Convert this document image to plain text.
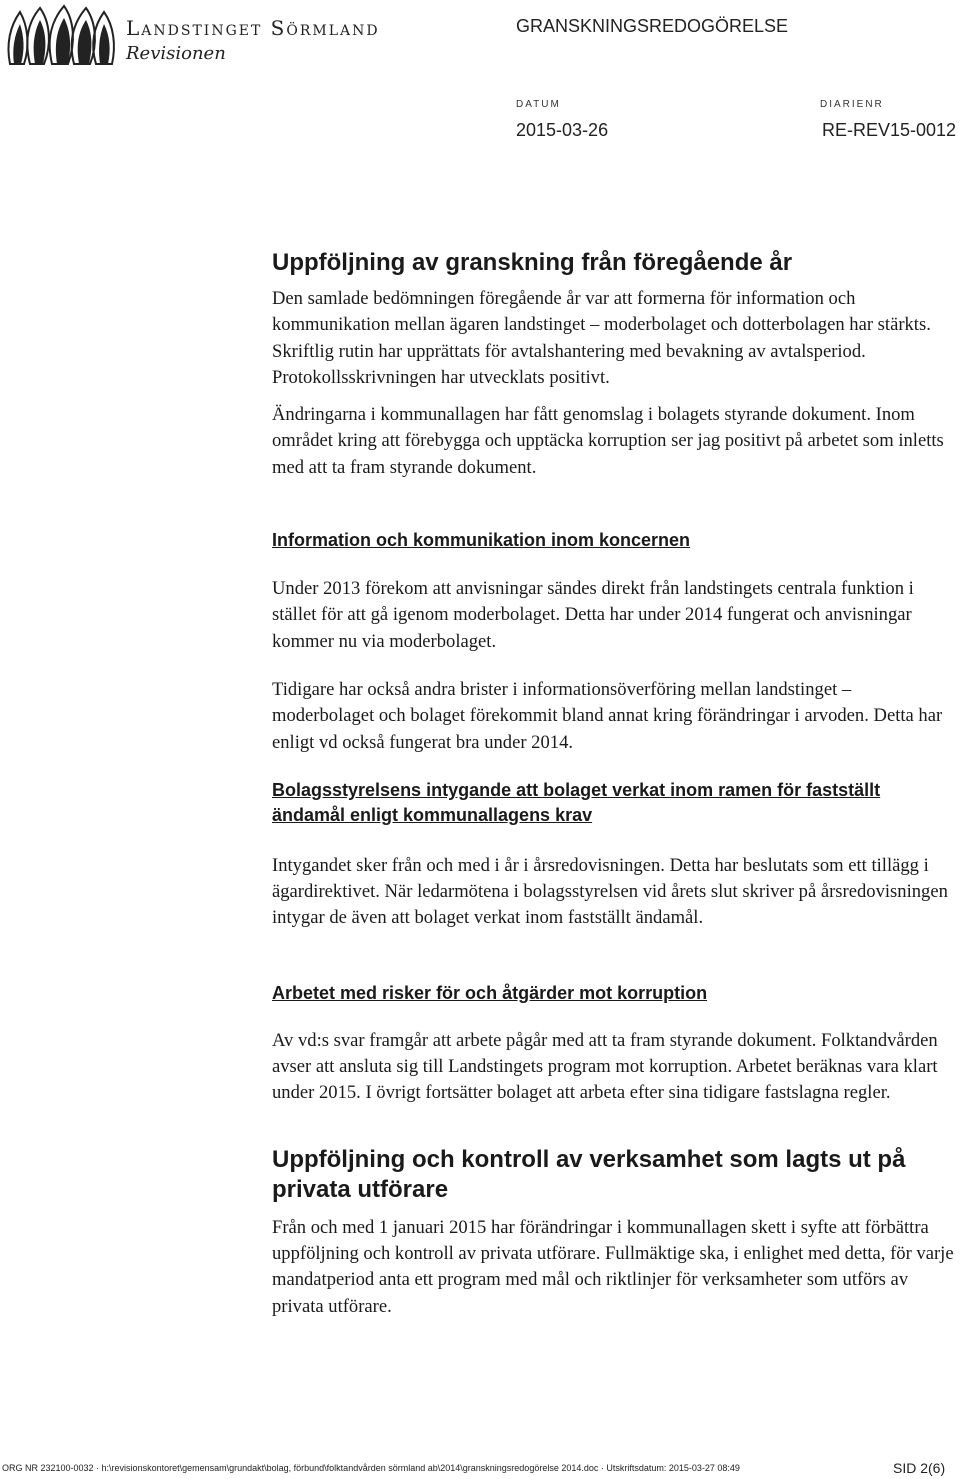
Landstinget Sörmland
Revisionen
GRANSKNINGSREDOGÖRELSE
DATUM
2015-03-26
DIARIENR
RE-REV15-0012
Uppföljning av granskning från föregående år

Den samlade bedömningen föregående år var att formerna för information och kommunikation mellan ägaren landstinget – moderbolaget och dotterbolagen har stärkts. Skriftlig rutin har upprättats för avtalshantering med bevakning av avtalsperiod. Protokollsskrivningen har utvecklats positivt.

Ändringarna i kommunallagen har fått genomslag i bolagets styrande dokument. Inom området kring att förebygga och upptäcka korruption ser jag positivt på arbetet som inletts med att ta fram styrande dokument.

Information och kommunikation inom koncernen

Under 2013 förekom att anvisningar sändes direkt från landstingets centrala funktion i stället för att gå igenom moderbolaget. Detta har under 2014 fungerat och anvisningar kommer nu via moderbolaget.

Tidigare har också andra brister i informationsöverföring mellan landstinget – moderbolaget och bolaget förekommit bland annat kring förändringar i arvoden. Detta har enligt vd också fungerat bra under 2014.

Bolagsstyrelsens intygande att bolaget verkat inom ramen för fastställt ändamål enligt kommunallagens krav

Intygandet sker från och med i år i årsredovisningen. Detta har beslutats som ett tillägg i ägardirektivet. När ledarmötena i bolagsstyrelsen vid årets slut skriver på årsredovisningen intygar de även att bolaget verkat inom fastställt ändamål.

Arbetet med risker för och åtgärder mot korruption

Av vd:s svar framgår att arbete pågår med att ta fram styrande dokument. Folktandvården avser att ansluta sig till Landstingets program mot korruption. Arbetet beräknas vara klart under 2015. I övrigt fortsätter bolaget att arbeta efter sina tidigare fastslagna regler.

Uppföljning och kontroll av verksamhet som lagts ut på privata utförare

Från och med 1 januari 2015 har förändringar i kommunallagen skett i syfte att förbättra uppföljning och kontroll av privata utförare. Fullmäktige ska, i enlighet med detta, för varje mandatperiod anta ett program med mål och riktlinjer för verksamheter som utförs av privata utförare.

ORG NR 232100-0032 · h:\revisionskontoret\gemensam\grundakt\bolag, förbund\folktandvården sörmland ab\2014\granskningsredogörelse 2014.doc · Utskriftsdatum: 2015-03-27 08:49	SID 2(6)
